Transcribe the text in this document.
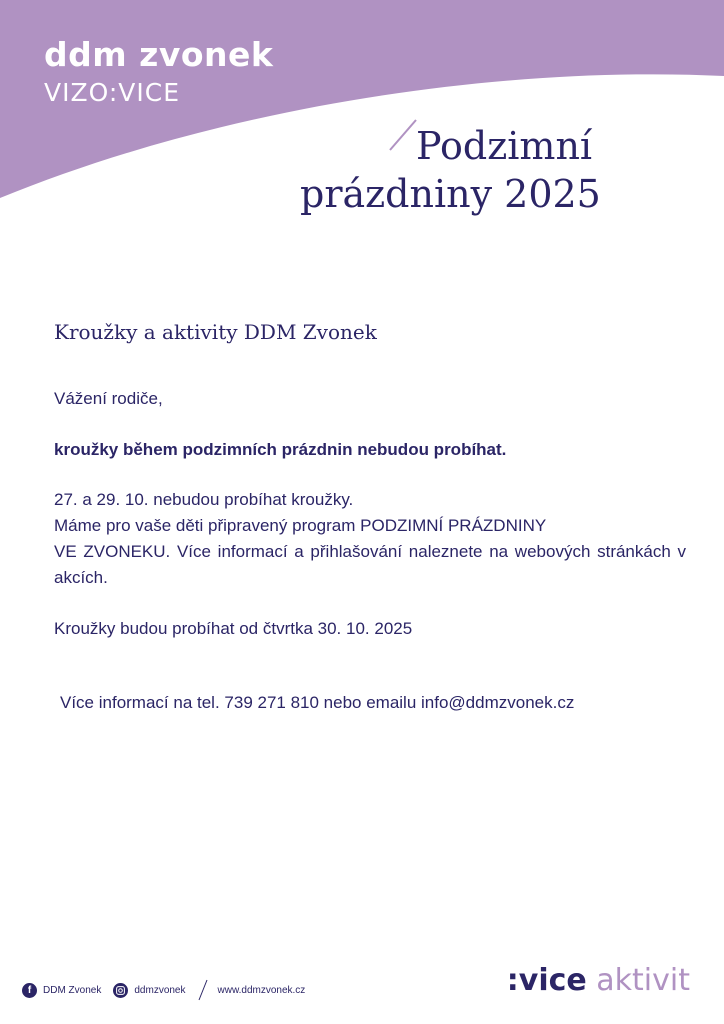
ddm zvonek
VIZO:VICE
Podzimní
prázdniny 2025
Kroužky a aktivity DDM Zvonek
Vážení rodiče,
kroužky během podzimních prázdnin nebudou probíhat.
27. a 29. 10. nebudou probíhat kroužky.
Máme pro vaše děti připravený program PODZIMNÍ PRÁZDNINY
VE ZVONEKU. Více informací a přihlašování naleznete na webových stránkách v akcích.
Kroužky budou probíhat od čtvrtka 30. 10. 2025
Více informací na tel. 739 271 810 nebo emailu info@ddmzvonek.cz
f	DDM Zvonek	ddmzvonek	www.ddmzvonek.cz	:vice aktivit
